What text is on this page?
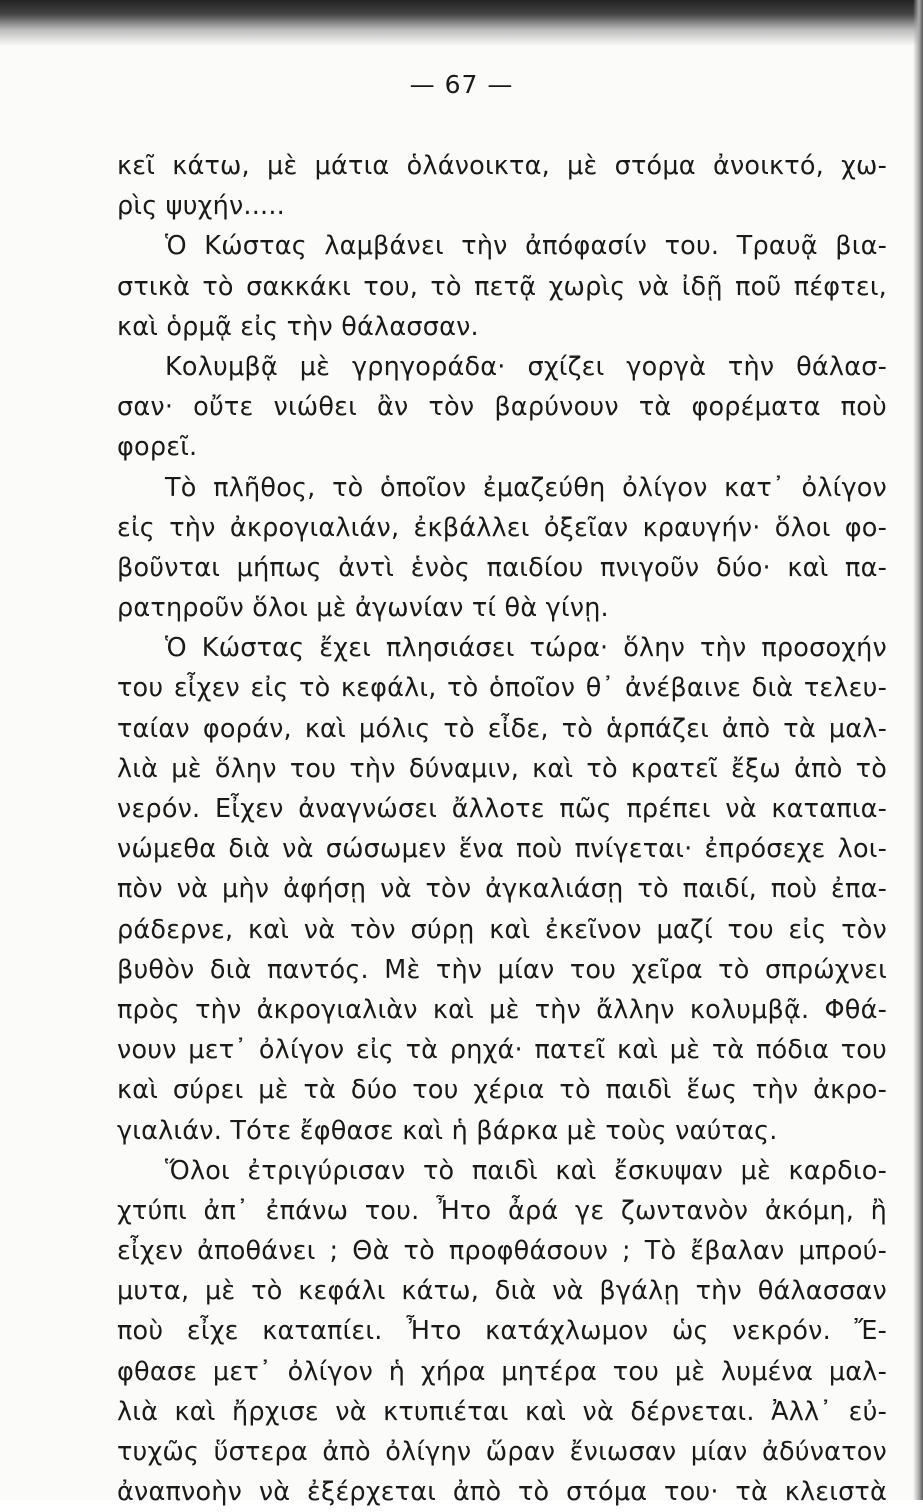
— 67 —
κεῖ κάτω, μὲ μάτια ὁλάνοικτα, μὲ στόμα ἀνοικτό, χω-
ρὶς ψυχήν.....
Ὁ Κώστας λαμβάνει τὴν ἀπόφασίν του. Τραυᾷ βια-
στικὰ τὸ σακκάκι του, τὸ πετᾷ χωρὶς νὰ ἰδῇ ποῦ πέφτει,
καὶ ὁρμᾷ εἰς τὴν θάλασσαν.
Κολυμβᾷ μὲ γρηγοράδα· σχίζει γοργὰ τὴν θάλασ-
σαν· οὔτε νιώθει ἂν τὸν βαρύνουν τὰ φορέματα ποὺ
φορεῖ.
Τὸ πλῆθος, τὸ ὁποῖον ἐμαζεύθη ὀλίγον κατ᾿ ὀλίγον
εἰς τὴν ἀκρογιαλιάν, ἐκβάλλει ὀξεῖαν κραυγήν· ὅλοι φο-
βοῦνται μήπως ἀντὶ ἑνὸς παιδίου πνιγοῦν δύο· καὶ πα-
ρατηροῦν ὅλοι μὲ ἀγωνίαν τί θὰ γίνῃ.
Ὁ Κώστας ἔχει πλησιάσει τώρα· ὅλην τὴν προσοχήν
του εἶχεν εἰς τὸ κεφάλι, τὸ ὁποῖον θ᾿ ἀνέβαινε διὰ τελευ-
ταίαν φοράν, καὶ μόλις τὸ εἶδε, τὸ ἁρπάζει ἀπὸ τὰ μαλ-
λιὰ μὲ ὅλην του τὴν δύναμιν, καὶ τὸ κρατεῖ ἔξω ἀπὸ τὸ
νερόν. Εἶχεν ἀναγνώσει ἄλλοτε πῶς πρέπει νὰ καταπια-
νώμεθα διὰ νὰ σώσωμεν ἕνα ποὺ πνίγεται· ἐπρόσεχε λοι-
πὸν νὰ μὴν ἀφήσῃ νὰ τὸν ἀγκαλιάσῃ τὸ παιδί, ποὺ ἐπα-
ράδερνε, καὶ νὰ τὸν σύρῃ καὶ ἐκεῖνον μαζί του εἰς τὸν
βυθὸν διὰ παντός. Μὲ τὴν μίαν του χεῖρα τὸ σπρώχνει
πρὸς τὴν ἀκρογιαλιὰν καὶ μὲ τὴν ἄλλην κολυμβᾷ. Φθά-
νουν μετ᾿ ὀλίγον εἰς τὰ ρηχά· πατεῖ καὶ μὲ τὰ πόδια του
καὶ σύρει μὲ τὰ δύο του χέρια τὸ παιδὶ ἕως τὴν ἀκρο-
γιαλιάν. Τότε ἔφθασε καὶ ἡ βάρκα μὲ τοὺς ναύτας.
Ὅλοι ἐτριγύρισαν τὸ παιδὶ καὶ ἔσκυψαν μὲ καρδιο-
χτύπι ἀπ᾿ ἐπάνω του. Ἦτο ἆρά γε ζωντανὸν ἀκόμη, ἢ
εἶχεν ἀποθάνει ; Θὰ τὸ προφθάσουν ; Τὸ ἔβαλαν μπρού-
μυτα, μὲ τὸ κεφάλι κάτω, διὰ νὰ βγάλῃ τὴν θάλασσαν
ποὺ εἶχε καταπίει. Ἦτο κατάχλωμον ὡς νεκρόν. Ἔ-
φθασε μετ᾿ ὀλίγον ἡ χήρα μητέρα του μὲ λυμένα μαλ-
λιὰ καὶ ἤρχισε νὰ κτυπιέται καὶ νὰ δέρνεται. Ἀλλ᾿ εὐ-
τυχῶς ὕστερα ἀπὸ ὀλίγην ὥραν ἔνιωσαν μίαν ἀδύνατον
ἀναπνοὴν νὰ ἐξέρχεται ἀπὸ τὸ στόμα του· τὰ κλειστὰ
